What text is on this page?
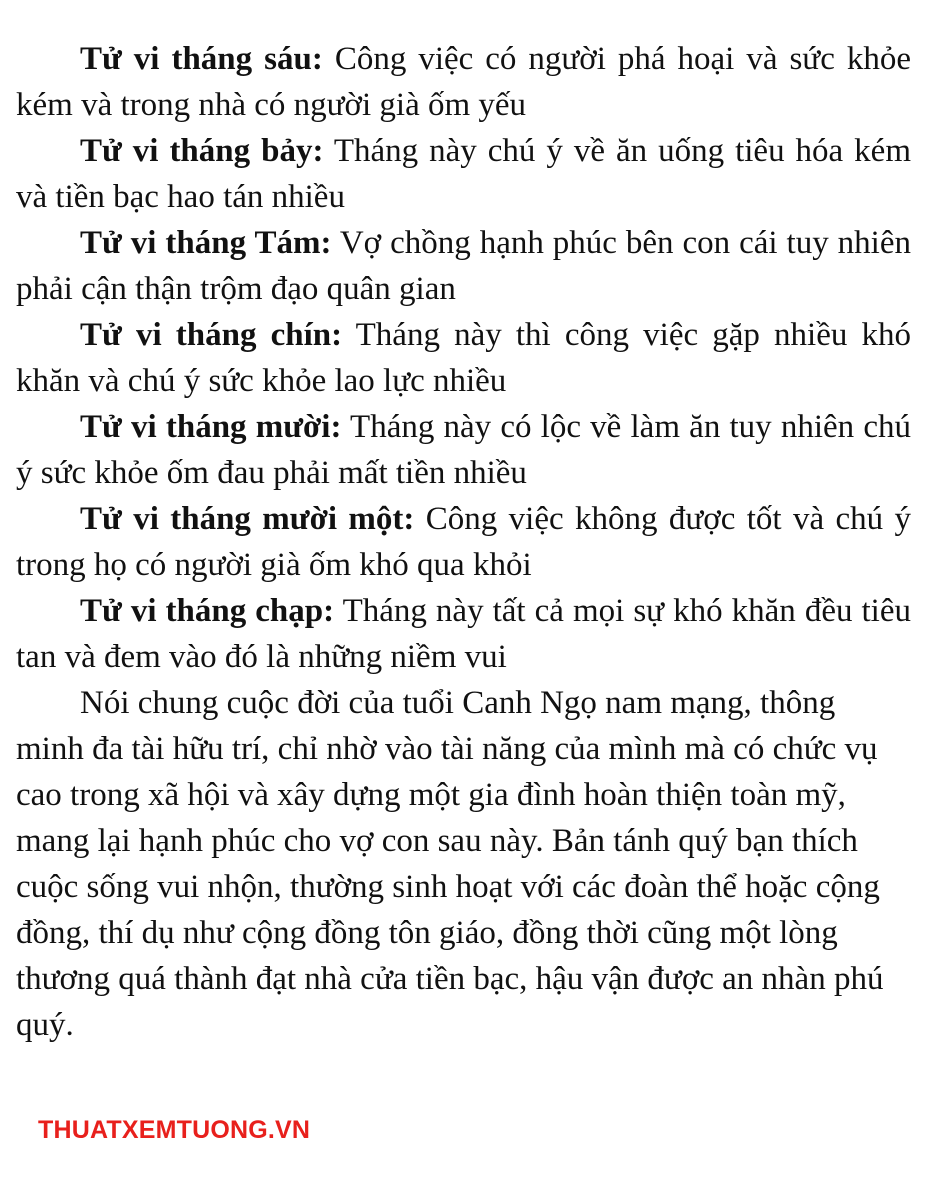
Tử vi tháng sáu: Công việc có người phá hoại và sức khỏe kém và trong nhà có người già ốm yếu

Tử vi tháng bảy: Tháng này chú ý về ăn uống tiêu hóa kém và tiền bạc hao tán nhiều

Tử vi tháng Tám: Vợ chồng hạnh phúc bên con cái tuy nhiên phải cận thận trộm đạo quân gian

Tử vi tháng chín: Tháng này thì công việc gặp nhiều khó khăn và chú ý sức khỏe lao lực nhiều

Tử vi tháng mười: Tháng này có lộc về làm ăn tuy nhiên chú ý sức khỏe ốm đau phải mất tiền nhiều

Tử vi tháng mười một: Công việc không được tốt và chú ý trong họ có người già ốm khó qua khỏi

Tử vi tháng chạp: Tháng này tất cả mọi sự khó khăn đều tiêu tan và đem vào đó là những niềm vui

Nói chung cuộc đời của tuổi Canh Ngọ nam mạng, thông minh đa tài hữu trí, chỉ nhờ vào tài năng của mình mà có chức vụ cao trong xã hội và xây dựng một gia đình hoàn thiện toàn mỹ, mang lại hạnh phúc cho vợ con sau này. Bản tánh quý bạn thích cuộc sống vui nhộn, thường sinh hoạt với các đoàn thể hoặc cộng đồng, thí dụ như cộng đồng tôn giáo, đồng thời cũng một lòng thương quá thành đạt nhà cửa tiền bạc, hậu vận được an nhàn phú quý.

THUATXEMTUONG.VN
